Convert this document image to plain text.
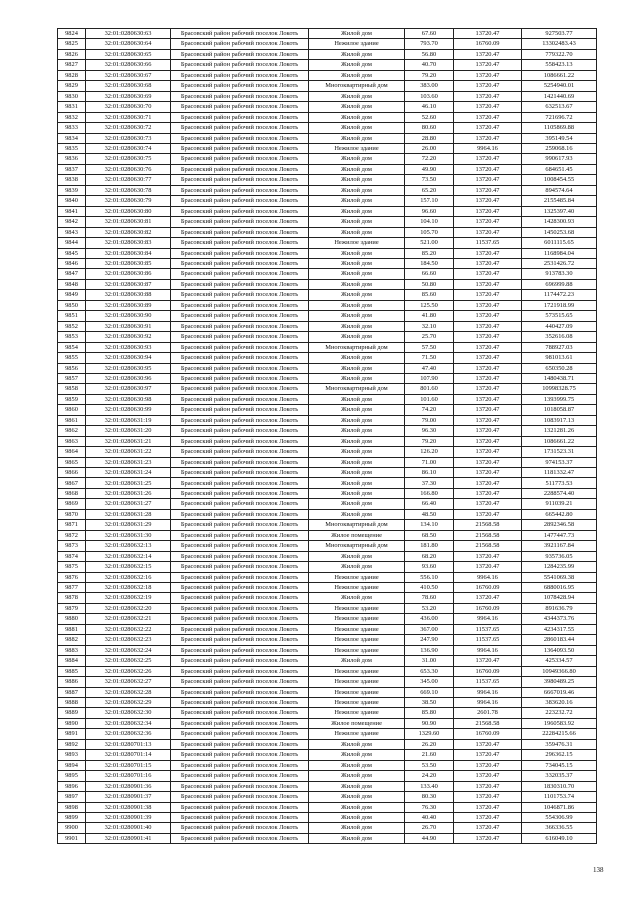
9824	32:01:0280630:63	Брасовский район рабочий поселок Локоть	Жилой дом	67.60	13720.47	927503.77
9825	32:01:0280630:64	Брасовский район рабочий поселок Локоть	Нежилое здание	793.70	16760.09	13302483.43
9826	32:01:0280630:65	Брасовский район рабочий поселок Локоть	Жилой дом	56.80	13720.47	779322.70
9827	32:01:0280630:66	Брасовский район рабочий поселок Локоть	Жилой дом	40.70	13720.47	558423.13
9828	32:01:0280630:67	Брасовский район рабочий поселок Локоть	Жилой дом	79.20	13720.47	1086661.22
9829	32:01:0280630:68	Брасовский район рабочий поселок Локоть	Многоквартирный дом	383.00	13720.47	5254940.01
9830	32:01:0280630:69	Брасовский район рабочий поселок Локоть	Жилой дом	103.60	13720.47	1421440.69
9831	32:01:0280630:70	Брасовский район рабочий поселок Локоть	Жилой дом	46.10	13720.47	632513.67
9832	32:01:0280630:71	Брасовский район рабочий поселок Локоть	Жилой дом	52.60	13720.47	721696.72
9833	32:01:0280630:72	Брасовский район рабочий поселок Локоть	Жилой дом	80.60	13720.47	1105869.88
9834	32:01:0280630:73	Брасовский район рабочий поселок Локоть	Жилой дом	28.80	13720.47	395149.54
9835	32:01:0280630:74	Брасовский район рабочий поселок Локоть	Нежилое здание	26.00	9964.16	259068.16
9836	32:01:0280630:75	Брасовский район рабочий поселок Локоть	Жилой дом	72.20	13720.47	990617.93
9837	32:01:0280630:76	Брасовский район рабочий поселок Локоть	Жилой дом	49.90	13720.47	684651.45
9838	32:01:0280630:77	Брасовский район рабочий поселок Локоть	Жилой дом	73.50	13720.47	1008454.55
9839	32:01:0280630:78	Брасовский район рабочий поселок Локоть	Жилой дом	65.20	13720.47	894574.64
9840	32:01:0280630:79	Брасовский район рабочий поселок Локоть	Жилой дом	157.10	13720.47	2155485.84
9841	32:01:0280630:80	Брасовский район рабочий поселок Локоть	Жилой дом	96.60	13720.47	1325397.40
9842	32:01:0280630:81	Брасовский район рабочий поселок Локоть	Жилой дом	104.10	13720.47	1428300.93
9843	32:01:0280630:82	Брасовский район рабочий поселок Локоть	Жилой дом	105.70	13720.47	1450253.68
9844	32:01:0280630:83	Брасовский район рабочий поселок Локоть	Нежилое здание	521.00	11537.65	6011115.65
9845	32:01:0280630:84	Брасовский район рабочий поселок Локоть	Жилой дом	85.20	13720.47	1168984.04
9846	32:01:0280630:85	Брасовский район рабочий поселок Локоть	Жилой дом	184.50	13720.47	2531426.72
9847	32:01:0280630:86	Брасовский район рабочий поселок Локоть	Жилой дом	66.60	13720.47	913783.30
9848	32:01:0280630:87	Брасовский район рабочий поселок Локоть	Жилой дом	50.80	13720.47	696999.88
9849	32:01:0280630:88	Брасовский район рабочий поселок Локоть	Жилой дом	85.60	13720.47	1174472.23
9850	32:01:0280630:89	Брасовский район рабочий поселок Локоть	Жилой дом	125.50	13720.47	1721918.99
9851	32:01:0280630:90	Брасовский район рабочий поселок Локоть	Жилой дом	41.80	13720.47	573515.65
9852	32:01:0280630:91	Брасовский район рабочий поселок Локоть	Жилой дом	32.10	13720.47	440427.09
9853	32:01:0280630:92	Брасовский район рабочий поселок Локоть	Жилой дом	25.70	13720.47	352616.08
9854	32:01:0280630:93	Брасовский район рабочий поселок Локоть	Многоквартирный дом	57.50	13720.47	788927.03
9855	32:01:0280630:94	Брасовский район рабочий поселок Локоть	Жилой дом	71.50	13720.47	981013.61
9856	32:01:0280630:95	Брасовский район рабочий поселок Локоть	Жилой дом	47.40	13720.47	650350.28
9857	32:01:0280630:96	Брасовский район рабочий поселок Локоть	Жилой дом	107.90	13720.47	1480438.71
9858	32:01:0280630:97	Брасовский район рабочий поселок Локоть	Многоквартирный дом	801.60	13720.47	10998328.75
9859	32:01:0280630:98	Брасовский район рабочий поселок Локоть	Жилой дом	101.60	13720.47	1393999.75
9860	32:01:0280630:99	Брасовский район рабочий поселок Локоть	Жилой дом	74.20	13720.47	1018058.87
9861	32:01:0280631:19	Брасовский район рабочий поселок Локоть	Жилой дом	79.00	13720.47	1083917.13
9862	32:01:0280631:20	Брасовский район рабочий поселок Локоть	Жилой дом	96.30	13720.47	1321281.26
9863	32:01:0280631:21	Брасовский район рабочий поселок Локоть	Жилой дом	79.20	13720.47	1086661.22
9864	32:01:0280631:22	Брасовский район рабочий поселок Локоть	Жилой дом	126.20	13720.47	1731523.31
9865	32:01:0280631:23	Брасовский район рабочий поселок Локоть	Жилой дом	71.00	13720.47	974153.37
9866	32:01:0280631:24	Брасовский район рабочий поселок Локоть	Жилой дом	86.10	13720.47	1181332.47
9867	32:01:0280631:25	Брасовский район рабочий поселок Локоть	Жилой дом	37.30	13720.47	511773.53
9868	32:01:0280631:26	Брасовский район рабочий поселок Локоть	Жилой дом	166.80	13720.47	2288574.40
9869	32:01:0280631:27	Брасовский район рабочий поселок Локоть	Жилой дом	66.40	13720.47	911039.21
9870	32:01:0280631:28	Брасовский район рабочий поселок Локоть	Жилой дом	48.50	13720.47	665442.80
9871	32:01:0280631:29	Брасовский район рабочий поселок Локоть	Многоквартирный дом	134.10	21568.58	2892346.58
9872	32:01:0280631:30	Брасовский район рабочий поселок Локоть	Жилое помещение	68.50	21568.58	1477447.73
9873	32:01:0280632:13	Брасовский район рабочий поселок Локоть	Многоквартирный дом	181.80	21568.58	3921167.84
9874	32:01:0280632:14	Брасовский район рабочий поселок Локоть	Жилой дом	68.20	13720.47	935736.05
9875	32:01:0280632:15	Брасовский район рабочий поселок Локоть	Жилой дом	93.60	13720.47	1284235.99
9876	32:01:0280632:16	Брасовский район рабочий поселок Локоть	Нежилое здание	556.10	9964.16	5541069.38
9877	32:01:0280632:18	Брасовский район рабочий поселок Локоть	Нежилое здание	410.50	16760.09	6880016.95
9878	32:01:0280632:19	Брасовский район рабочий поселок Локоть	Жилой дом	78.60	13720.47	1078428.94
9879	32:01:0280632:20	Брасовский район рабочий поселок Локоть	Нежилое здание	53.20	16760.09	891636.79
9880	32:01:0280632:21	Брасовский район рабочий поселок Локоть	Нежилое здание	436.00	9964.16	4344373.76
9881	32:01:0280632:22	Брасовский район рабочий поселок Локоть	Нежилое здание	367.00	11537.65	4234317.55
9882	32:01:0280632:23	Брасовский район рабочий поселок Локоть	Нежилое здание	247.90	11537.65	2860183.44
9883	32:01:0280632:24	Брасовский район рабочий поселок Локоть	Нежилое здание	136.90	9964.16	1364093.50
9884	32:01:0280632:25	Брасовский район рабочий поселок Локоть	Жилой дом	31.00	13720.47	425334.57
9885	32:01:0280632:26	Брасовский район рабочий поселок Локоть	Нежилое здание	653.30	16760.09	10949366.80
9886	32:01:0280632:27	Брасовский район рабочий поселок Локоть	Нежилое здание	345.00	11537.65	3980489.25
9887	32:01:0280632:28	Брасовский район рабочий поселок Локоть	Нежилое здание	669.10	9964.16	6667019.46
9888	32:01:0280632:29	Брасовский район рабочий поселок Локоть	Нежилое здание	38.50	9964.16	383620.16
9889	32:01:0280632:30	Брасовский район рабочий поселок Локоть	Нежилое здание	85.80	2601.78	223232.72
9890	32:01:0280632:34	Брасовский район рабочий поселок Локоть	Жилое помещение	90.90	21568.58	1960583.92
9891	32:01:0280632:36	Брасовский район рабочий поселок Локоть	Нежилое здание	1329.60	16760.09	22284215.66
9892	32:01:0280701:13	Брасовский район рабочий поселок Локоть	Жилой дом	26.20	13720.47	359476.31
9893	32:01:0280701:14	Брасовский район рабочий поселок Локоть	Жилой дом	21.60	13720.47	296362.15
9894	32:01:0280701:15	Брасовский район рабочий поселок Локоть	Жилой дом	53.50	13720.47	734045.15
9895	32:01:0280701:16	Брасовский район рабочий поселок Локоть	Жилой дом	24.20	13720.47	332035.37
9896	32:01:0280901:36	Брасовский район рабочий поселок Локоть	Жилой дом	133.40	13720.47	1830310.70
9897	32:01:0280901:37	Брасовский район рабочий поселок Локоть	Жилой дом	80.30	13720.47	1101753.74
9898	32:01:0280901:38	Брасовский район рабочий поселок Локоть	Жилой дом	76.30	13720.47	1046871.86
9899	32:01:0280901:39	Брасовский район рабочий поселок Локоть	Жилой дом	40.40	13720.47	554306.99
9900	32:01:0280901:40	Брасовский район рабочий поселок Локоть	Жилой дом	26.70	13720.47	366336.55
9901	32:01:0280901:41	Брасовский район рабочий поселок Локоть	Жилой дом	44.90	13720.47	616049.10
138
